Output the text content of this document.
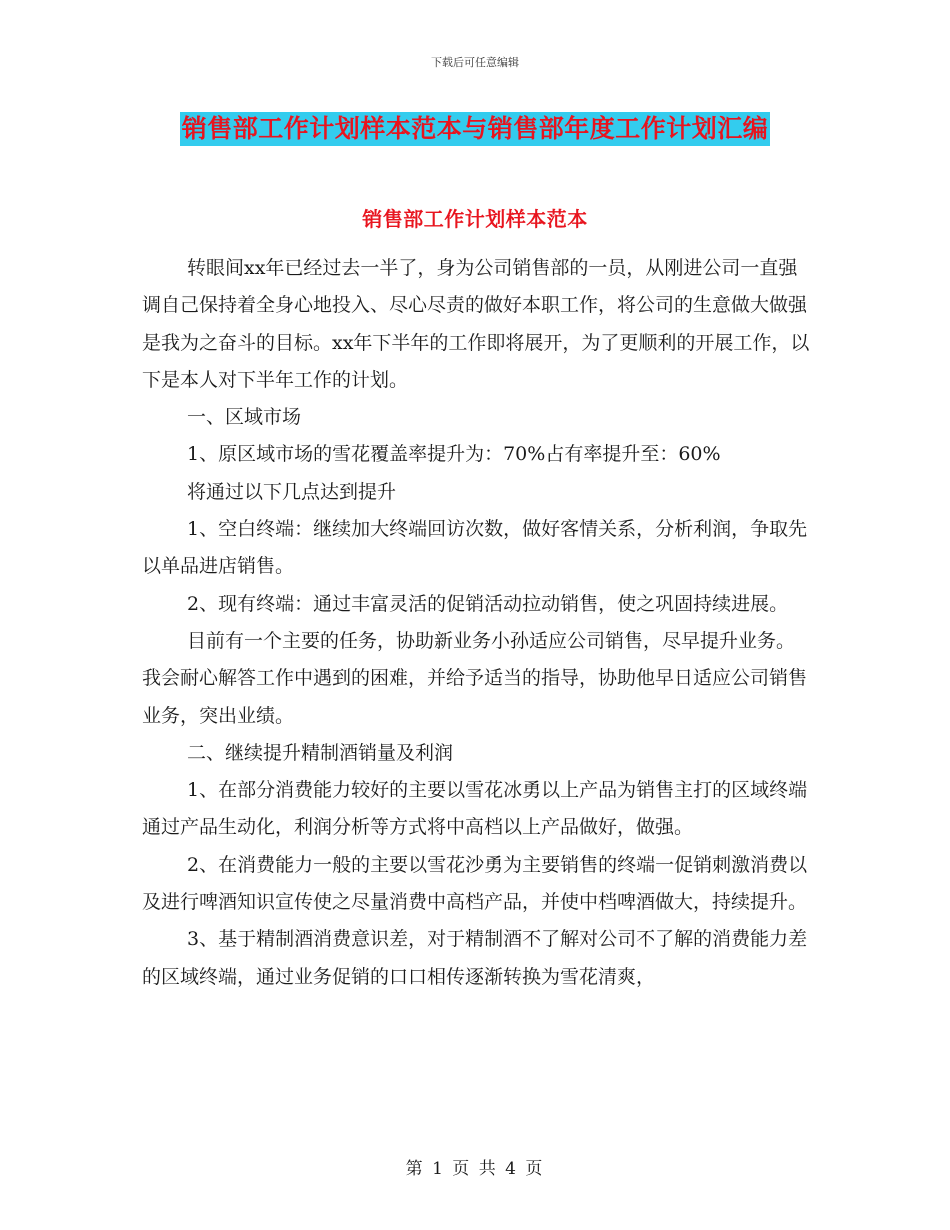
下载后可任意编辑
销售部工作计划样本范本与销售部年度工作计划汇编
销售部工作计划样本范本

转眼间xx年已经过去一半了，身为公司销售部的一员，从刚进公司一直强调自己保持着全身心地投入、尽心尽责的做好本职工作，将公司的生意做大做强是我为之奋斗的目标。xx年下半年的工作即将展开，为了更顺利的开展工作，以下是本人对下半年工作的计划。

一、区域市场

1、原区域市场的雪花覆盖率提升为：70%占有率提升至：60%

将通过以下几点达到提升

1、空白终端：继续加大终端回访次数，做好客情关系，分析利润，争取先以单品进店销售。

2、现有终端：通过丰富灵活的促销活动拉动销售，使之巩固持续进展。

目前有一个主要的任务，协助新业务小孙适应公司销售，尽早提升业务。我会耐心解答工作中遇到的困难，并给予适当的指导，协助他早日适应公司销售业务，突出业绩。

二、继续提升精制酒销量及利润

1、在部分消费能力较好的主要以雪花冰勇以上产品为销售主打的区域终端通过产品生动化，利润分析等方式将中高档以上产品做好，做强。

2、在消费能力一般的主要以雪花沙勇为主要销售的终端一促销刺激消费以及进行啤酒知识宣传使之尽量消费中高档产品，并使中档啤酒做大，持续提升。

3、基于精制酒消费意识差，对于精制酒不了解对公司不了解的消费能力差的区域终端，通过业务促销的口口相传逐渐转换为雪花清爽，

第 1 页 共 4 页
